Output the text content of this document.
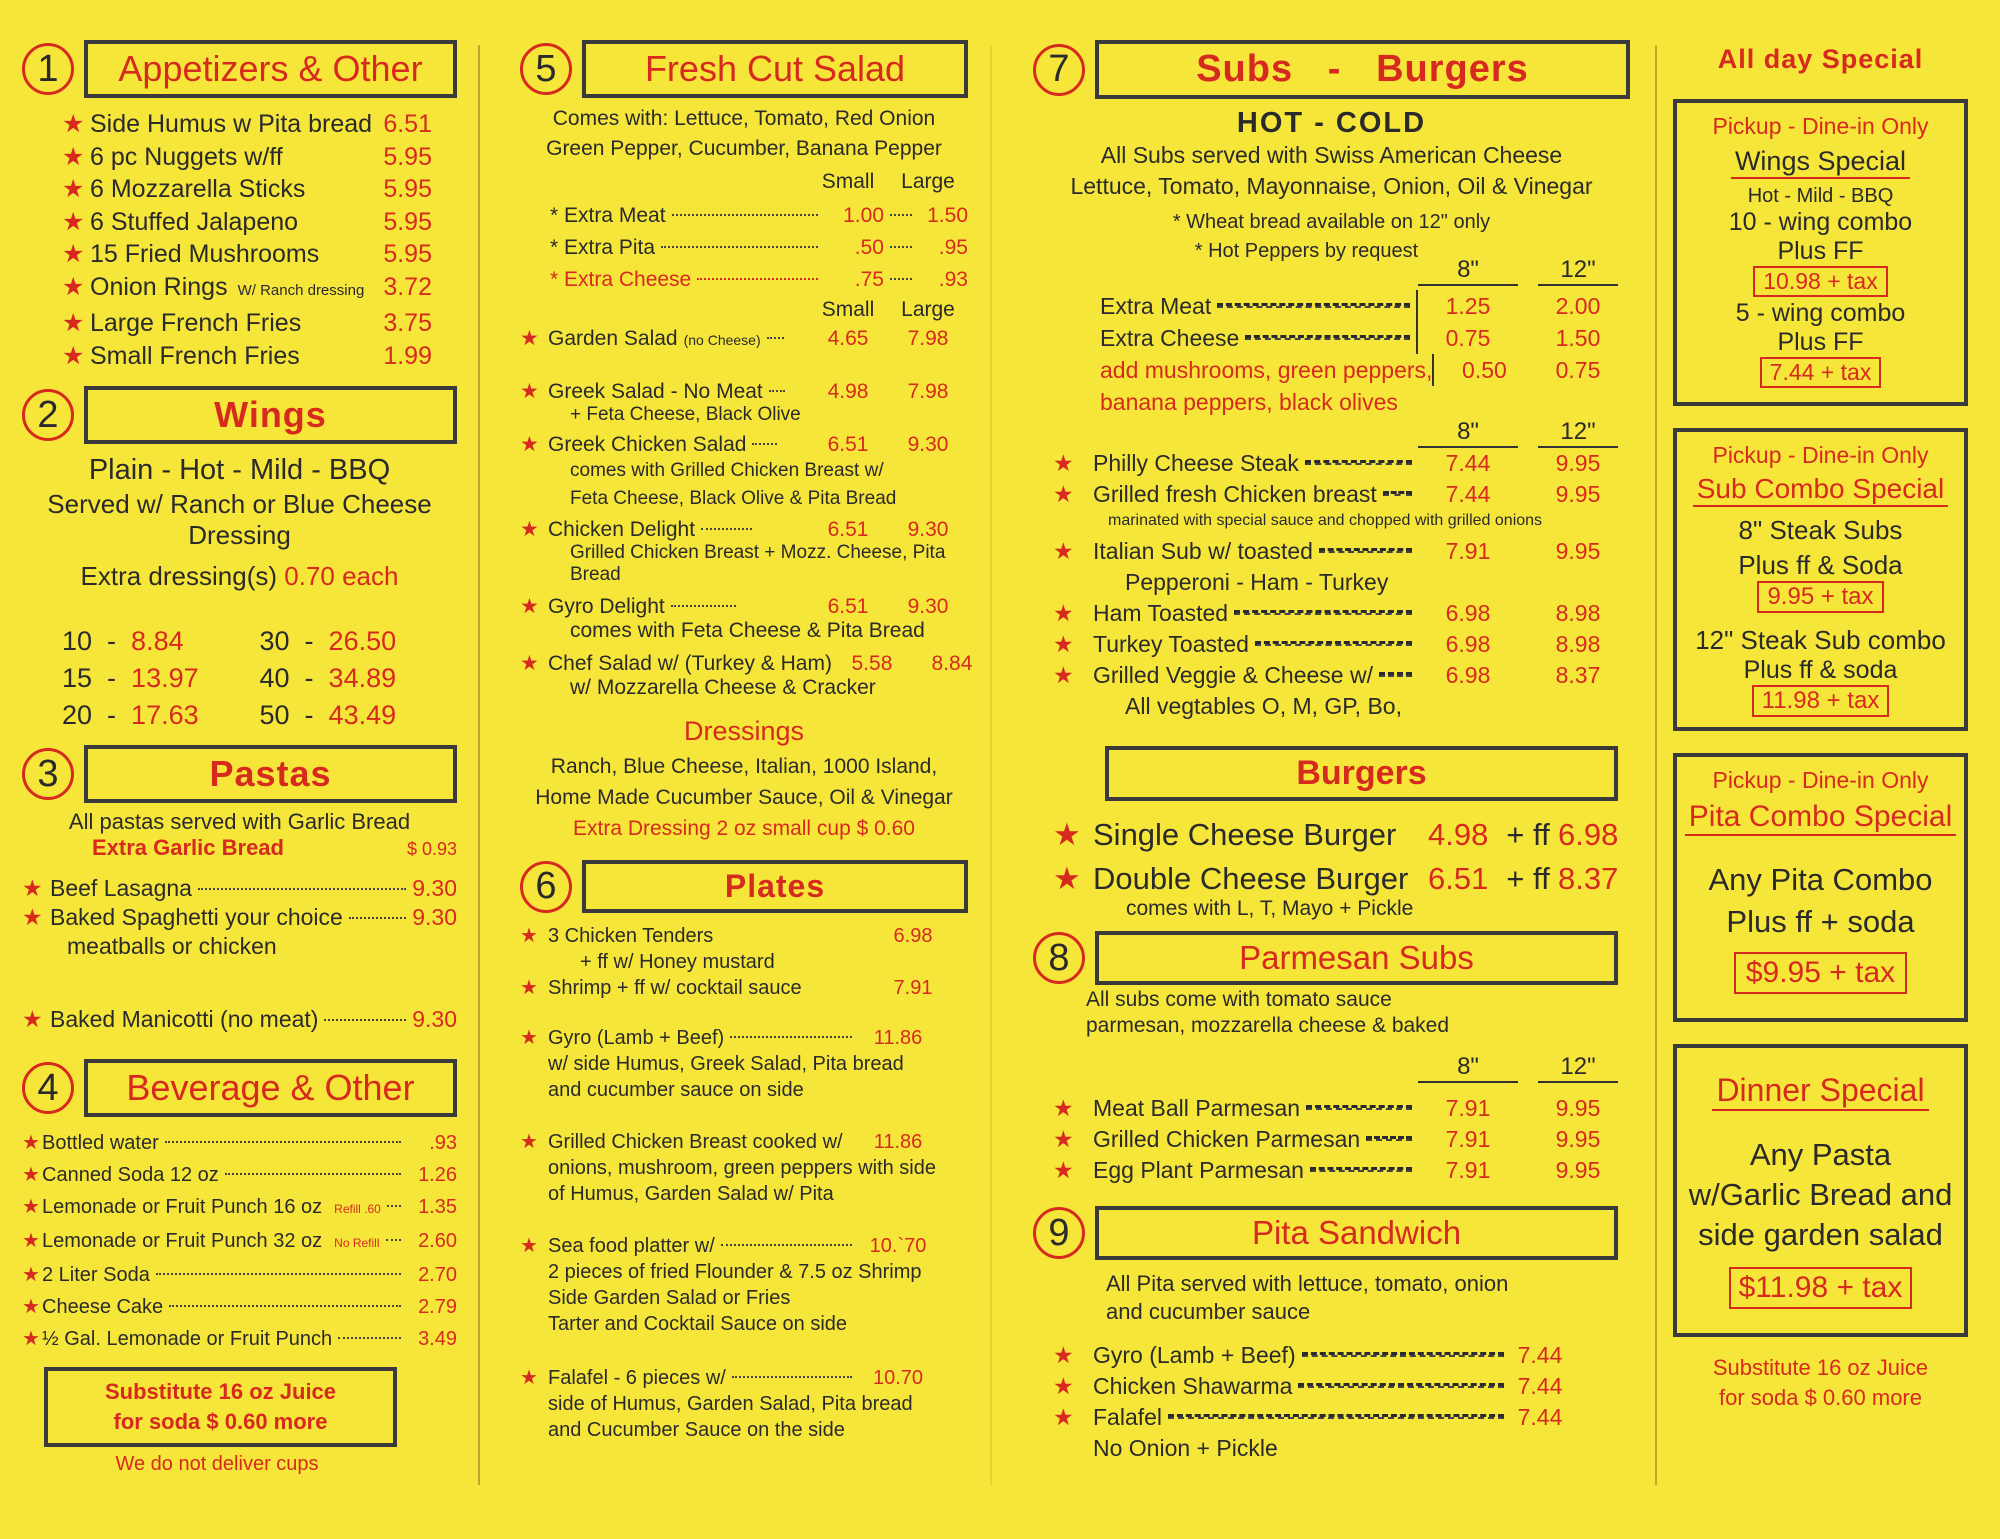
1	Appetizers & Other
★ Side Humus w Pita bread 6.51
★ 6 pc Nuggets w/ff	5.95
★ 6 Mozzarella Sticks	5.95
★ 6 Stuffed Jalapeno	5.95
★ 15 Fried Mushrooms	5.95
★ Onion Rings W/ Ranch dressing 3.72
★ Large French Fries	3.75
★ Small French Fries	1.99
2	Wings
Plain - Hot - Mild - BBQ
Served w/ Ranch or Blue Cheese Dressing
Extra dressing(s) 0.70 each
10  -  8.84	30  -  26.50
15  -  13.97	40  -  34.89
20  -  17.63	50  -  43.49
3	Pastas
All pastas served with Garlic Bread
Extra Garlic Bread	$ 0.93
★ Beef Lasagna	9.30
★ Baked Spaghetti your choice	9.30
meatballs or chicken
★ Baked Manicotti (no meat)	9.30
4	Beverage & Other
★ Bottled water	.93
★ Canned Soda 12 oz	1.26
★ Lemonade or Fruit Punch 16 oz Refill .60	1.35
★ Lemonade or Fruit Punch 32 oz No Refill	2.60
★ 2 Liter Soda	2.70
★ Cheese Cake	2.79
★ ½ Gal. Lemonade or Fruit Punch	3.49
Substitute 16 oz Juice
for soda $ 0.60 more
We do not deliver cups
5	Fresh Cut Salad
Comes with: Lettuce, Tomato, Red Onion
Green Pepper, Cucumber, Banana Pepper
Small	Large
* Extra Meat	1.00	1.50
* Extra Pita	.50	.95
* Extra Cheese	.75	.93
Small	Large
★ Garden Salad (no Cheese)	4.65	7.98
★ Greek Salad - No Meat	4.98	7.98
+ Feta Cheese, Black Olive
★ Greek Chicken Salad	6.51	9.30
comes with Grilled Chicken Breast w/
Feta Cheese, Black Olive & Pita Bread
★ Chicken Delight	6.51	9.30
Grilled Chicken Breast + Mozz. Cheese, Pita Bread
★ Gyro Delight	6.51	9.30
comes with Feta Cheese & Pita Bread
★ Chef Salad w/ (Turkey & Ham) 5.58	8.84
w/ Mozzarella Cheese & Cracker
Dressings
Ranch, Blue Cheese, Italian, 1000 Island,
Home Made Cucumber Sauce, Oil & Vinegar
Extra Dressing 2 oz small cup $ 0.60
6	Plates
★ 3 Chicken Tenders	6.98
+ ff w/ Honey mustard
★ Shrimp + ff w/ cocktail sauce	7.91
★ Gyro (Lamb + Beef)	11.86
w/ side Humus, Greek Salad, Pita bread
and cucumber sauce on side
★ Grilled Chicken Breast cooked w/	11.86
onions, mushroom, green peppers with side
of Humus, Garden Salad w/ Pita
★ Sea food platter w/	10.`70
2 pieces of fried Flounder & 7.5 oz Shrimp
Side Garden Salad or Fries
Tarter and Cocktail Sauce on side
★ Falafel - 6 pieces w/	10.70
side of Humus, Garden Salad, Pita bread
and Cucumber Sauce on the side
7	Subs   -   Burgers
HOT - COLD
All Subs served with Swiss American Cheese
Lettuce, Tomato, Mayonnaise, Onion, Oil & Vinegar
* Wheat bread available on 12" only
* Hot Peppers by request
8"	12"
Extra Meat	1.25	2.00
Extra Cheese	0.75	1.50
add mushrooms, green peppers,	0.50	0.75
banana peppers, black olives
8"	12"
★ Philly Cheese Steak	7.44	9.95
★ Grilled fresh Chicken breast	7.44	9.95
marinated with special sauce and chopped with grilled onions
★ Italian Sub w/ toasted	7.91	9.95
Pepperoni - Ham - Turkey
★ Ham Toasted	6.98	8.98
★ Turkey Toasted	6.98	8.98
★ Grilled Veggie & Cheese w/	6.98	8.37
All vegtables O, M, GP, Bo,
Burgers
★ Single Cheese Burger	4.98 + ff 6.98
★ Double Cheese Burger 6.51 + ff 8.37
comes with L, T, Mayo + Pickle
8	Parmesan Subs
All subs come with tomato sauce
parmesan, mozzarella cheese & baked
8"	12"
★ Meat Ball Parmesan	7.91	9.95
★ Grilled Chicken Parmesan	7.91	9.95
★ Egg Plant Parmesan	7.91	9.95
9	Pita Sandwich
All Pita served with lettuce, tomato, onion
and cucumber sauce
★ Gyro (Lamb + Beef)	7.44
★ Chicken Shawarma	7.44
★ Falafel	7.44
No Onion + Pickle
All day Special
Pickup - Dine-in Only
Wings Special
Hot - Mild - BBQ
10 - wing combo
Plus FF
10.98 + tax
5 - wing combo
Plus FF
7.44 + tax
Pickup - Dine-in Only
Sub Combo Special
8" Steak Subs
Plus ff & Soda
9.95 + tax
12" Steak Sub combo
Plus ff & soda
11.98 + tax
Pickup - Dine-in Only
Pita Combo Special
Any Pita Combo
Plus ff + soda
$9.95 + tax
Dinner Special
Any Pasta
w/Garlic Bread and
side garden salad
$11.98 + tax
Substitute 16 oz Juice
for soda $ 0.60 more
